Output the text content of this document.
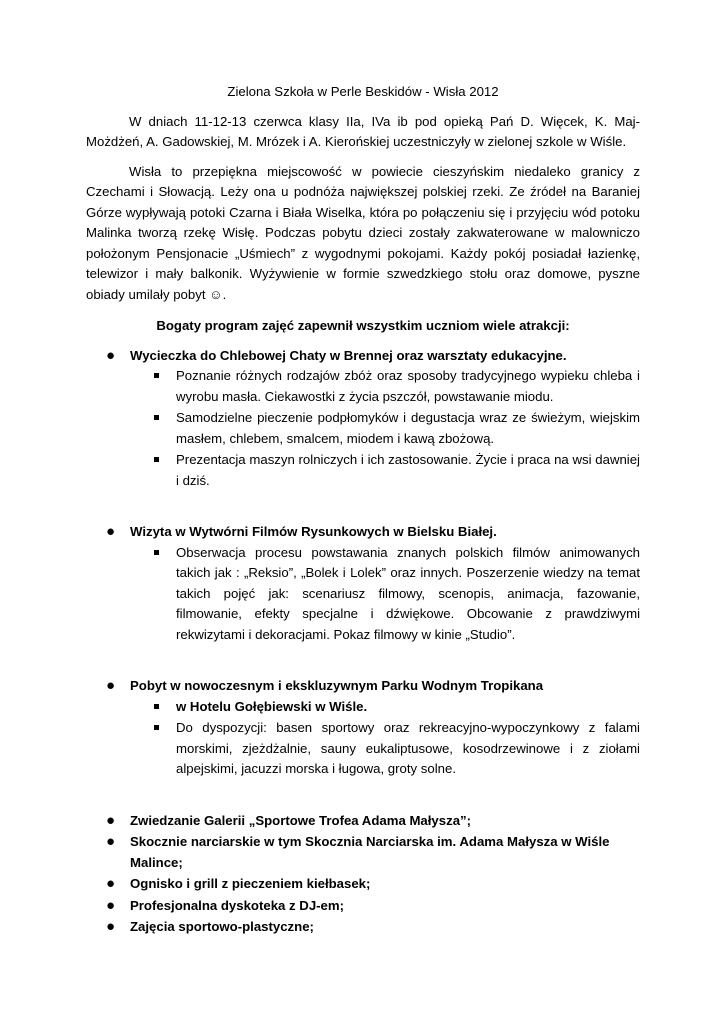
Zielona Szkoła w Perle Beskidów - Wisła 2012

W dniach 11-12-13 czerwca klasy IIa, IVa ib pod opieką Pań D. Więcek, K. Maj-Możdżeń, A. Gadowskiej, M. Mrózek i A. Kierońskiej uczestniczyły w zielonej szkole w Wiśle.

Wisła to przepiękna miejscowość w powiecie cieszyńskim niedaleko granicy z Czechami i Słowacją. Leży ona u podnóża największej polskiej rzeki. Ze źródeł na Baraniej Górze wypływają potoki Czarna i Biała Wiselka, która po połączeniu się i przyjęciu wód potoku Malinka tworzą rzekę Wisłę. Podczas pobytu dzieci zostały zakwaterowane w malowniczo położonym Pensjonacie „Uśmiech” z wygodnymi pokojami. Każdy pokój posiadał łazienkę, telewizor i mały balkonik. Wyżywienie w formie szwedzkiego stołu oraz domowe, pyszne obiady umilały pobyt ☺.

Bogaty program zajęć zapewnił wszystkim uczniom wiele atrakcji:
● Wycieczka do Chlebowej Chaty w Brennej oraz warsztaty edukacyjne.
Poznanie różnych rodzajów zbóż oraz sposoby tradycyjnego wypieku chleba i wyrobu masła. Ciekawostki z życia pszczół, powstawanie miodu.
Samodzielne pieczenie podpłomyków i degustacja wraz ze świeżym, wiejskim masłem, chlebem, smalcem, miodem i kawą zbożową.
Prezentacja maszyn rolniczych i ich zastosowanie. Życie i praca na wsi dawniej i dziś.
● Wizyta w Wytwórni Filmów Rysunkowych w Bielsku Białej.
Obserwacja procesu powstawania znanych polskich filmów animowanych takich jak : „Reksio”, „Bolek i Lolek” oraz innych. Poszerzenie wiedzy na temat takich pojęć jak: scenariusz filmowy, scenopis, animacja, fazowanie, filmowanie, efekty specjalne i dźwiękowe. Obcowanie z prawdziwymi rekwizytami i dekoracjami. Pokaz filmowy w kinie „Studio”.
● Pobyt w nowoczesnym i ekskluzywnym Parku Wodnym Tropikana
w Hotelu Gołębiewski w Wiśle.
Do dyspozycji: basen sportowy oraz rekreacyjno-wypoczynkowy z falami morskimi, zjeżdżalnie, sauny eukaliptusowe, kosodrzewinowe i z ziołami alpejskimi, jacuzzi morska i ługowa, groty solne.
● Zwiedzanie Galerii „Sportowe Trofea Adama Małysza”;
● Skocznie narciarskie w tym Skocznia Narciarska im. Adama Małysza w Wiśle Malince;
● Ognisko i grill z pieczeniem kiełbasek;
● Profesjonalna dyskoteka z DJ-em;
● Zajęcia sportowo-plastyczne;
